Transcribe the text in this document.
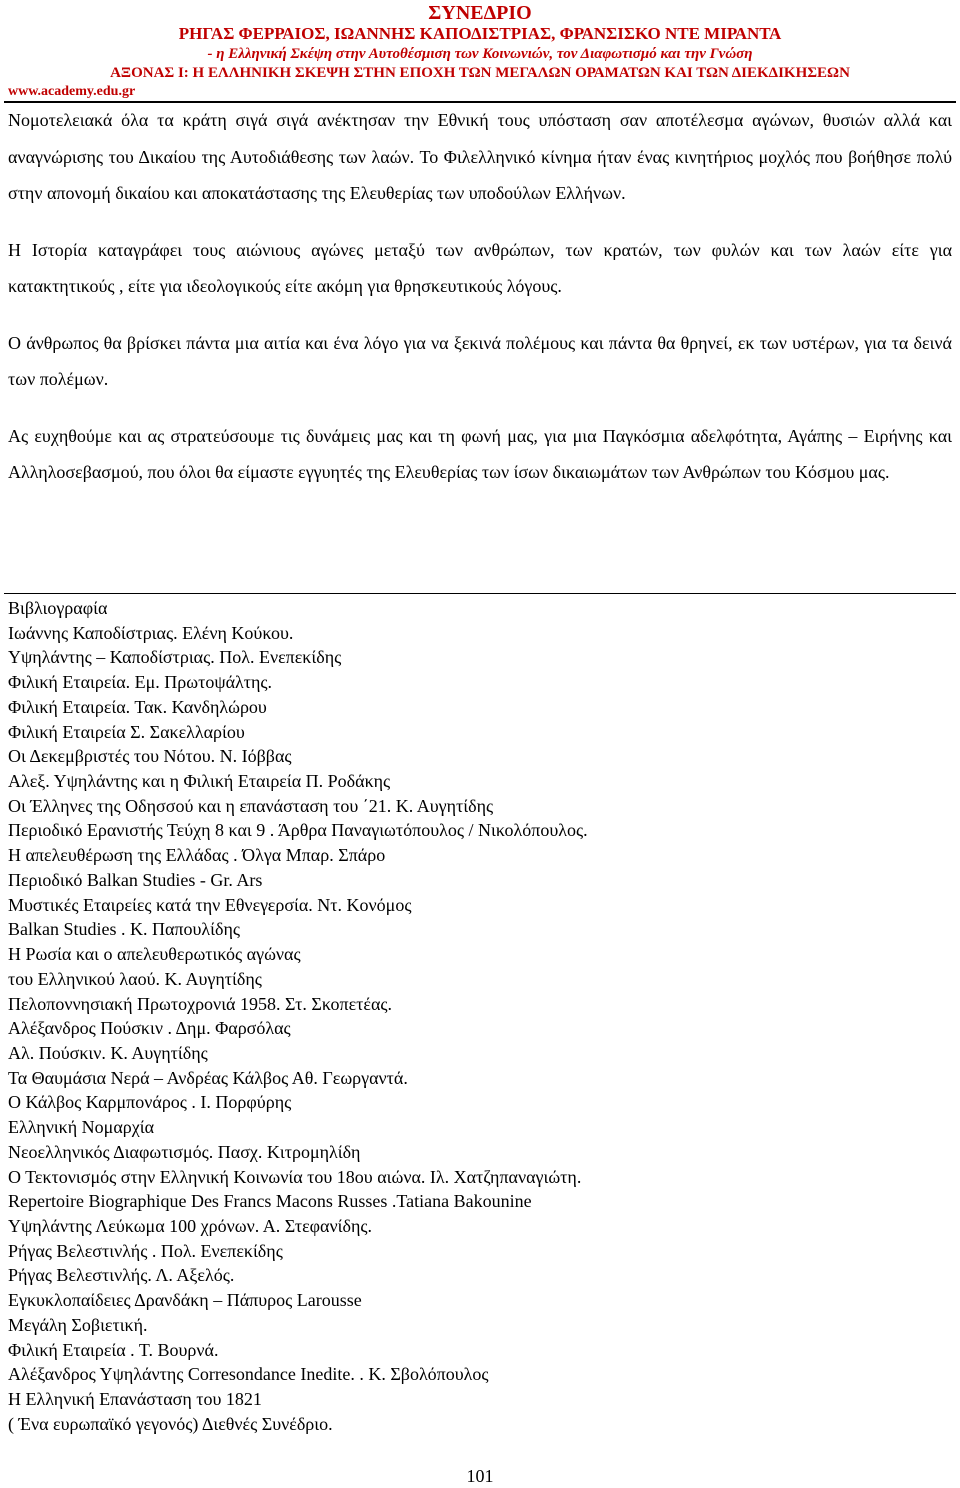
ΣΥΝΕΔΡΙΟ
ΡΗΓΑΣ ΦΕΡΡΑΙΟΣ, ΙΩΑΝΝΗΣ ΚΑΠΟΔΙΣΤΡΙΑΣ, ΦΡΑΝΣΙΣΚΟ ΝΤΕ ΜΙΡΑΝΤΑ
- η Ελληνική Σκέψη στην Αυτοθέσμιση των Κοινωνιών, τον Διαφωτισμό και την Γνώση
ΑΞΟΝΑΣ Ι: Η ΕΛΛΗΝΙΚΗ ΣΚΕΨΗ ΣΤΗΝ ΕΠΟΧΗ ΤΩΝ ΜΕΓΑΛΩΝ ΟΡΑΜΑΤΩΝ ΚΑΙ ΤΩΝ ΔΙΕΚΔΙΚΗΣΕΩΝ
www.academy.edu.gr

Νομοτελειακά όλα τα κράτη σιγά σιγά ανέκτησαν την Εθνική τους υπόσταση σαν αποτέλεσμα αγώνων, θυσιών αλλά και αναγνώρισης του Δικαίου της Αυτοδιάθεσης των λαών. Το Φιλελληνικό κίνημα ήταν ένας κινητήριος μοχλός που βοήθησε πολύ στην απονομή δικαίου και αποκατάστασης της Ελευθερίας των υποδούλων Ελλήνων.

Η Ιστορία καταγράφει τους αιώνιους αγώνες μεταξύ των ανθρώπων, των κρατών, των φυλών και των λαών είτε για κατακτητικούς , είτε για ιδεολογικούς είτε ακόμη για θρησκευτικούς λόγους.

Ο άνθρωπος θα βρίσκει πάντα μια αιτία και ένα λόγο για να ξεκινά πολέμους και πάντα θα θρηνεί, εκ των υστέρων, για τα δεινά των πολέμων.

Ας ευχηθούμε και ας στρατεύσουμε τις δυνάμεις μας και τη φωνή μας, για μια Παγκόσμια αδελφότητα, Αγάπης – Ειρήνης και Αλληλοσεβασμού, που όλοι θα είμαστε εγγυητές της Ελευθερίας των ίσων δικαιωμάτων των Ανθρώπων του Κόσμου μας.

Βιβλιογραφία
Ιωάννης Καποδίστριας. Ελένη Κούκου.
Υψηλάντης – Καποδίστριας. Πολ. Ενεπεκίδης
Φιλική Εταιρεία. Εμ. Πρωτοψάλτης.
Φιλική Εταιρεία. Τακ. Κανδηλώρου
Φιλική Εταιρεία Σ. Σακελλαρίου
Οι Δεκεμβριστές του Νότου. Ν. Ιόββας
Αλεξ. Υψηλάντης και η Φιλική Εταιρεία Π. Ροδάκης
Οι Έλληνες της Οδησσού και η επανάσταση του ΄21. Κ. Αυγητίδης
Περιοδικό Ερανιστής Τεύχη 8 και 9 . Άρθρα Παναγιωτόπουλος / Νικολόπουλος.
Η απελευθέρωση της Ελλάδας . Όλγα Μπαρ. Σπάρο
Περιοδικό Balkan Studies - Gr. Ars
Μυστικές Εταιρείες κατά την Εθνεγερσία. Ντ. Κονόμος
Balkan Studies . Κ. Παπουλίδης
Η Ρωσία και ο απελευθερωτικός αγώνας
του Ελληνικού λαού. Κ. Αυγητίδης
Πελοποννησιακή Πρωτοχρονιά 1958. Στ. Σκοπετέας.
Αλέξανδρος Πούσκιν . Δημ. Φαρσόλας
Αλ. Πούσκιν. Κ. Αυγητίδης
Τα Θαυμάσια Νερά – Ανδρέας Κάλβος Αθ. Γεωργαντά.
Ο Κάλβος Καρμπονάρος . Ι. Πορφύρης
Ελληνική Νομαρχία
Νεοελληνικός Διαφωτισμός. Πασχ. Κιτρομηλίδη
Ο Τεκτονισμός στην Ελληνική Κοινωνία του 18ου αιώνα. Ιλ. Χατζηπαναγιώτη.
Repertoire Biographique Des Francs Macons Russes .Tatiana Bakounine
Υψηλάντης Λεύκωμα 100 χρόνων. Α. Στεφανίδης.
Ρήγας Βελεστινλής . Πολ. Ενεπεκίδης
Ρήγας Βελεστινλής. Λ. Αξελός.
Εγκυκλοπαίδειες Δρανδάκη – Πάπυρος Larousse
Μεγάλη Σοβιετική.
Φιλική Εταιρεία . Τ. Βουρνά.
Αλέξανδρος Υψηλάντης Corresondance Inedite. . Κ. Σβολόπουλος
Η Ελληνική Επανάσταση του 1821
( Ένα ευρωπαϊκό γεγονός) Διεθνές Συνέδριο.
101
